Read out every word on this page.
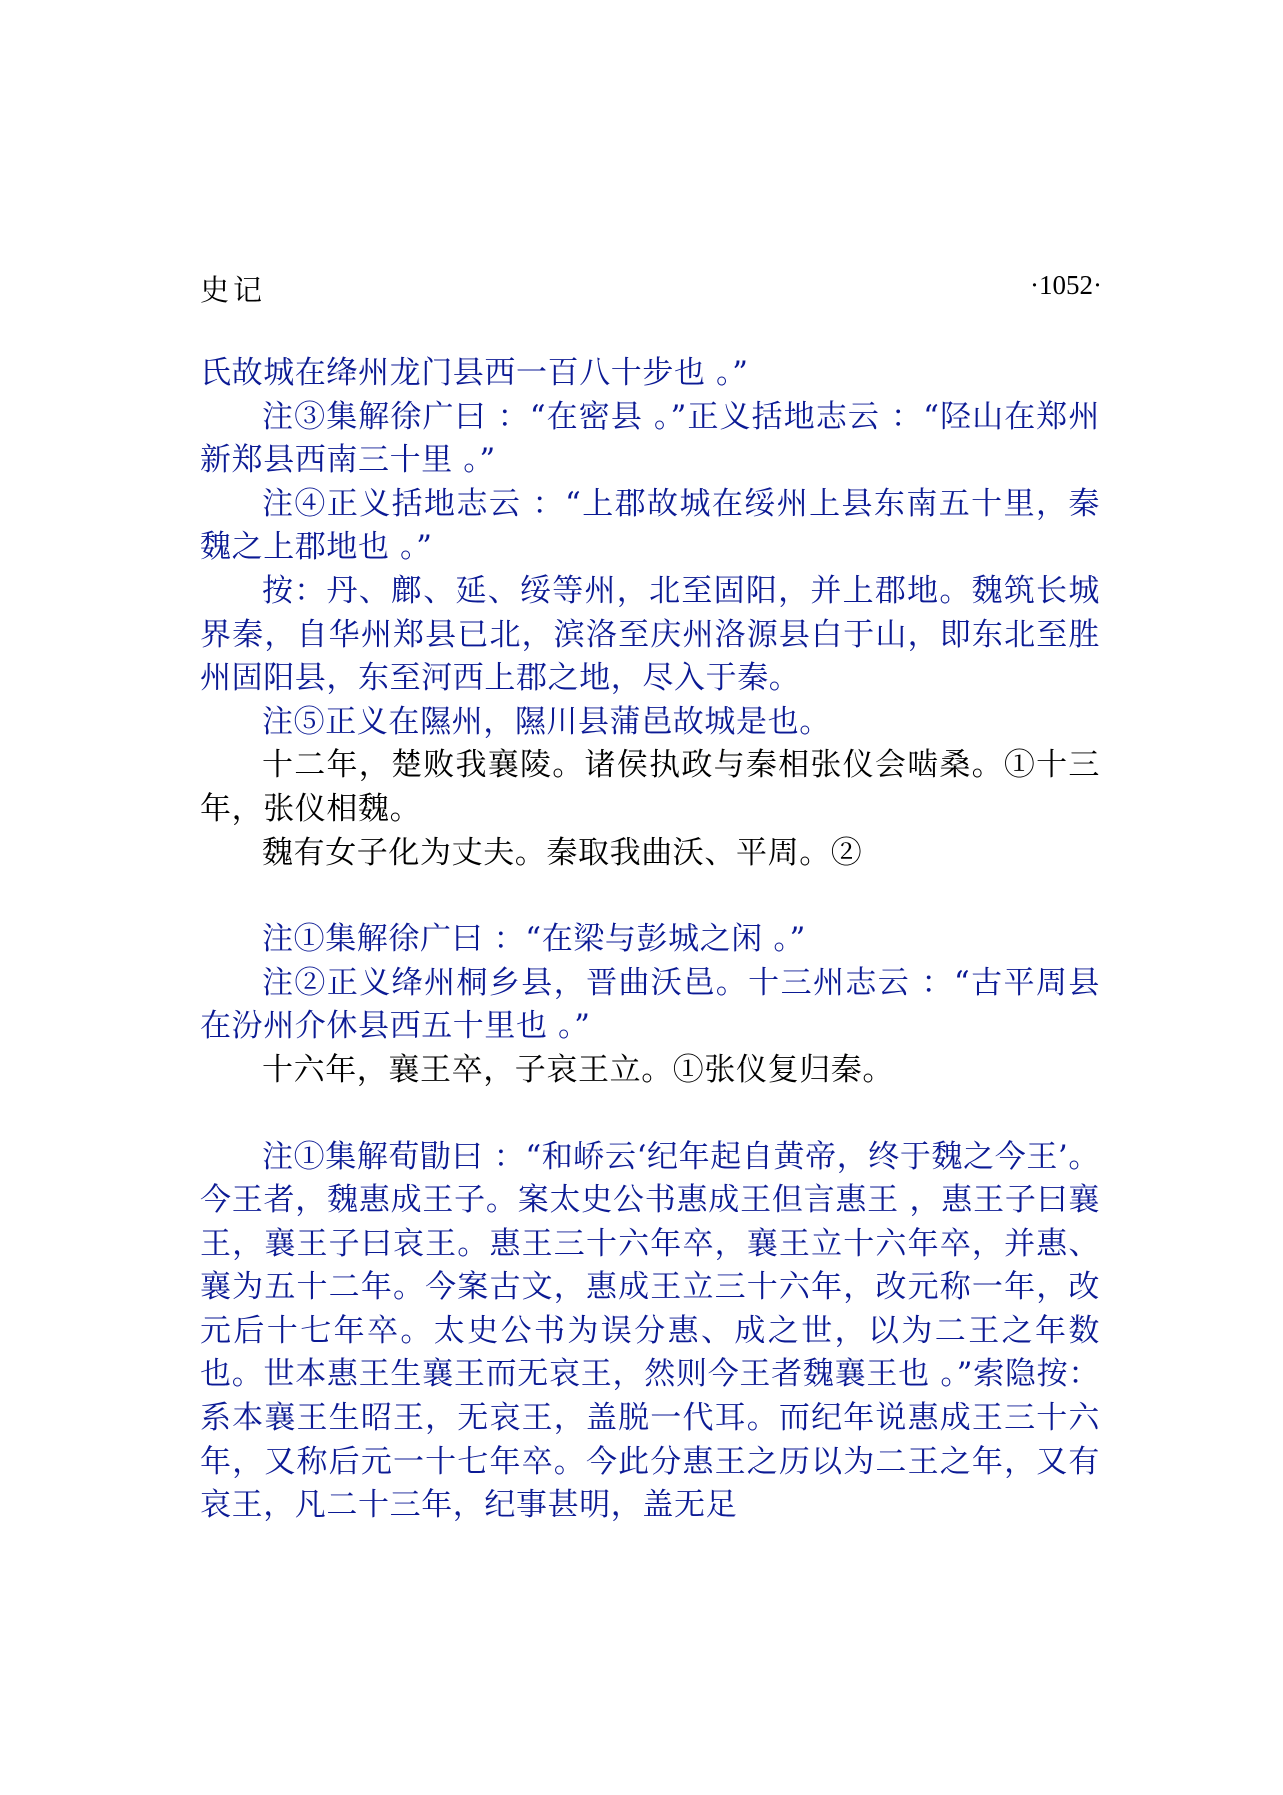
史记	·1052·

氏故城在绛州龙门县西一百八十步也 。”

注③集解徐广曰 ：“在密县 。”正义括地志云 ：“陉山在郑州新郑县西南三十里 。”

注④正义括地志云 ：“上郡故城在绥州上县东南五十里，秦魏之上郡地也 。”

按：丹、鄜、延、绥等州，北至固阳，并上郡地。魏筑长城界秦，自华州郑县已北，滨洛至庆州洛源县白于山，即东北至胜州固阳县，东至河西上郡之地，尽入于秦。

注⑤正义在隰州，隰川县蒲邑故城是也。

十二年，楚败我襄陵。诸侯执政与秦相张仪会啮桑。①十三年，张仪相魏。

魏有女子化为丈夫。秦取我曲沃、平周。②

注①集解徐广曰 ：“在梁与彭城之闲 。”

注②正义绛州桐乡县，晋曲沃邑。十三州志云 ：“古平周县在汾州介休县西五十里也 。”

十六年，襄王卒，子哀王立。①张仪复归秦。

注①集解荀勖曰 ：“和峤云‘纪年起自黄帝，终于魏之今王’。今王者，魏惠成王子。案太史公书惠成王但言惠王 ，惠王子曰襄王，襄王子曰哀王。惠王三十六年卒，襄王立十六年卒，并惠、襄为五十二年。今案古文，惠成王立三十六年，改元称一年，改元后十七年卒。太史公书为误分惠、成之世，以为二王之年数也。世本惠王生襄王而无哀王，然则今王者魏襄王也 。”索隐按：系本襄王生昭王，无哀王，盖脱一代耳。而纪年说惠成王三十六年，又称后元一十七年卒。今此分惠王之历以为二王之年，又有哀王，凡二十三年，纪事甚明，盖无足
